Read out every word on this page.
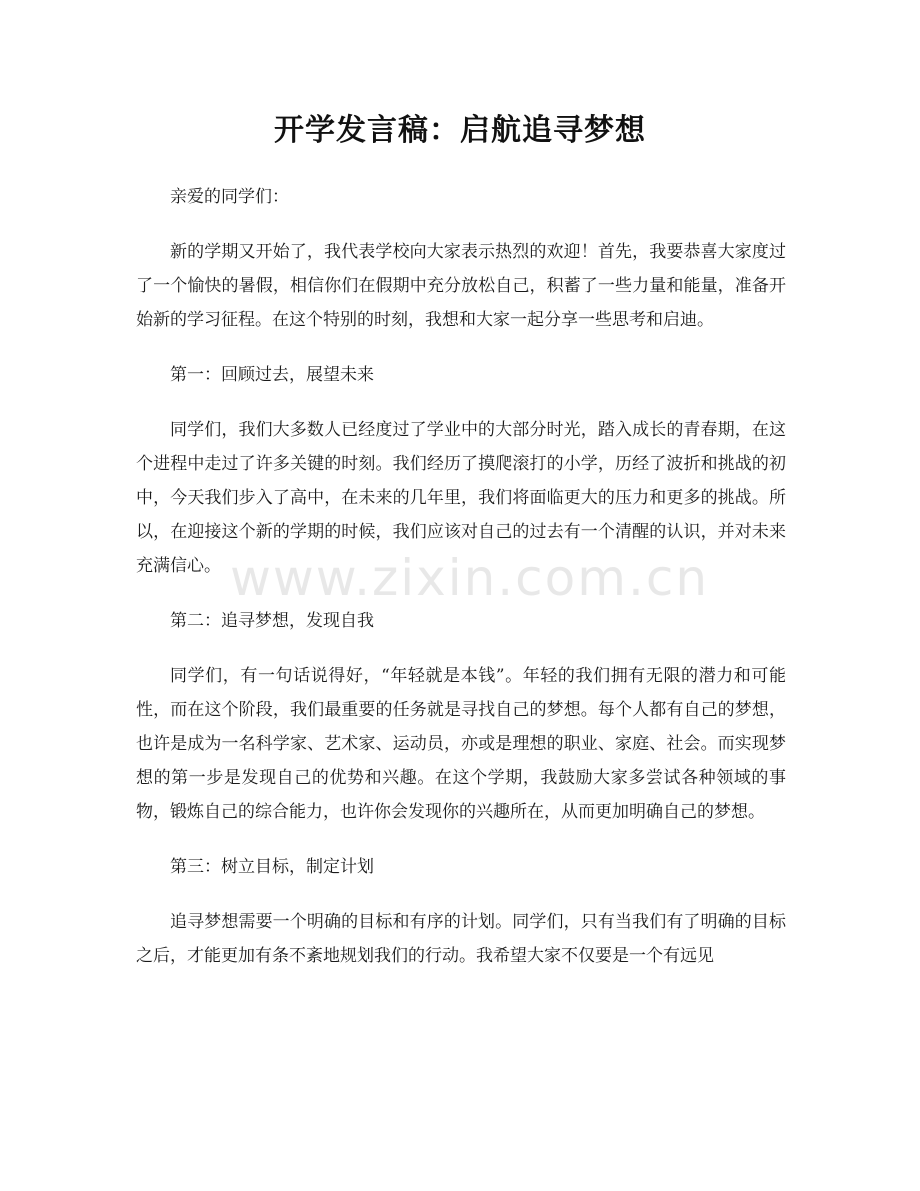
开学发言稿：启航追寻梦想

亲爱的同学们：

新的学期又开始了，我代表学校向大家表示热烈的欢迎！首先，我要恭喜大家度过了一个愉快的暑假，相信你们在假期中充分放松自己，积蓄了一些力量和能量，准备开始新的学习征程。在这个特别的时刻，我想和大家一起分享一些思考和启迪。

第一：回顾过去，展望未来

同学们，我们大多数人已经度过了学业中的大部分时光，踏入成长的青春期，在这个进程中走过了许多关键的时刻。我们经历了摸爬滚打的小学，历经了波折和挑战的初中，今天我们步入了高中，在未来的几年里，我们将面临更大的压力和更多的挑战。所以，在迎接这个新的学期的时候，我们应该对自己的过去有一个清醒的认识，并对未来充满信心。

第二：追寻梦想，发现自我

同学们，有一句话说得好，“年轻就是本钱”。年轻的我们拥有无限的潜力和可能性，而在这个阶段，我们最重要的任务就是寻找自己的梦想。每个人都有自己的梦想，也许是成为一名科学家、艺术家、运动员，亦或是理想的职业、家庭、社会。而实现梦想的第一步是发现自己的优势和兴趣。在这个学期，我鼓励大家多尝试各种领域的事物，锻炼自己的综合能力，也许你会发现你的兴趣所在，从而更加明确自己的梦想。

第三：树立目标，制定计划

追寻梦想需要一个明确的目标和有序的计划。同学们，只有当我们有了明确的目标之后，才能更加有条不紊地规划我们的行动。我希望大家不仅要是一个有远见

www.zixin.com.cn
